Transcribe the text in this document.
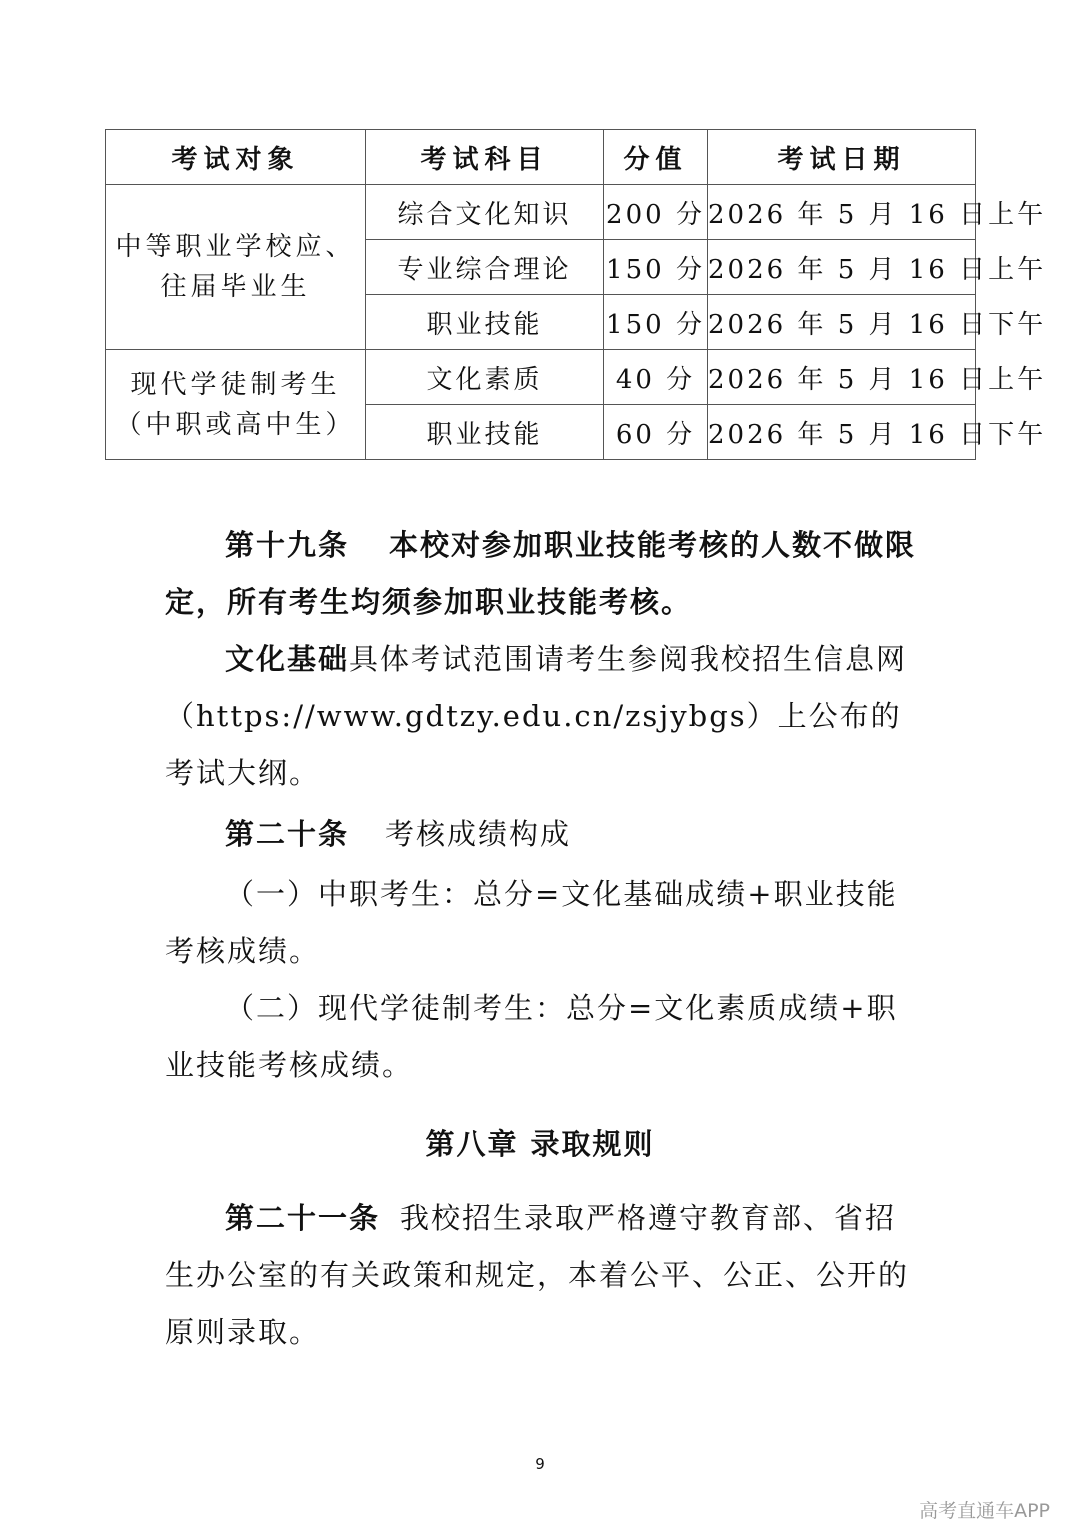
考试对象	考试科目	分值	考试日期
中等职业学校应、往届毕业生	综合文化知识	200 分	2026 年 5 月 16 日上午
	专业综合理论	150 分	2026 年 5 月 16 日上午
	职业技能	150 分	2026 年 5 月 16 日下午
现代学徒制考生（中职或高中生）	文化素质	40 分	2026 年 5 月 16 日上午
	职业技能	60 分	2026 年 5 月 16 日下午
第十九条 本校对参加职业技能考核的人数不做限定，所有考生均须参加职业技能考核。
文化基础具体考试范围请考生参阅我校招生信息网（https://www.gdtzy.edu.cn/zsjybgs）上公布的考试大纲。
第二十条 考核成绩构成
（一）中职考生：总分=文化基础成绩+职业技能考核成绩。
（二）现代学徒制考生：总分=文化素质成绩+职业技能考核成绩。
第八章 录取规则
第二十一条 我校招生录取严格遵守教育部、省招生办公室的有关政策和规定，本着公平、公正、公开的原则录取。
9
高考直通车APP
